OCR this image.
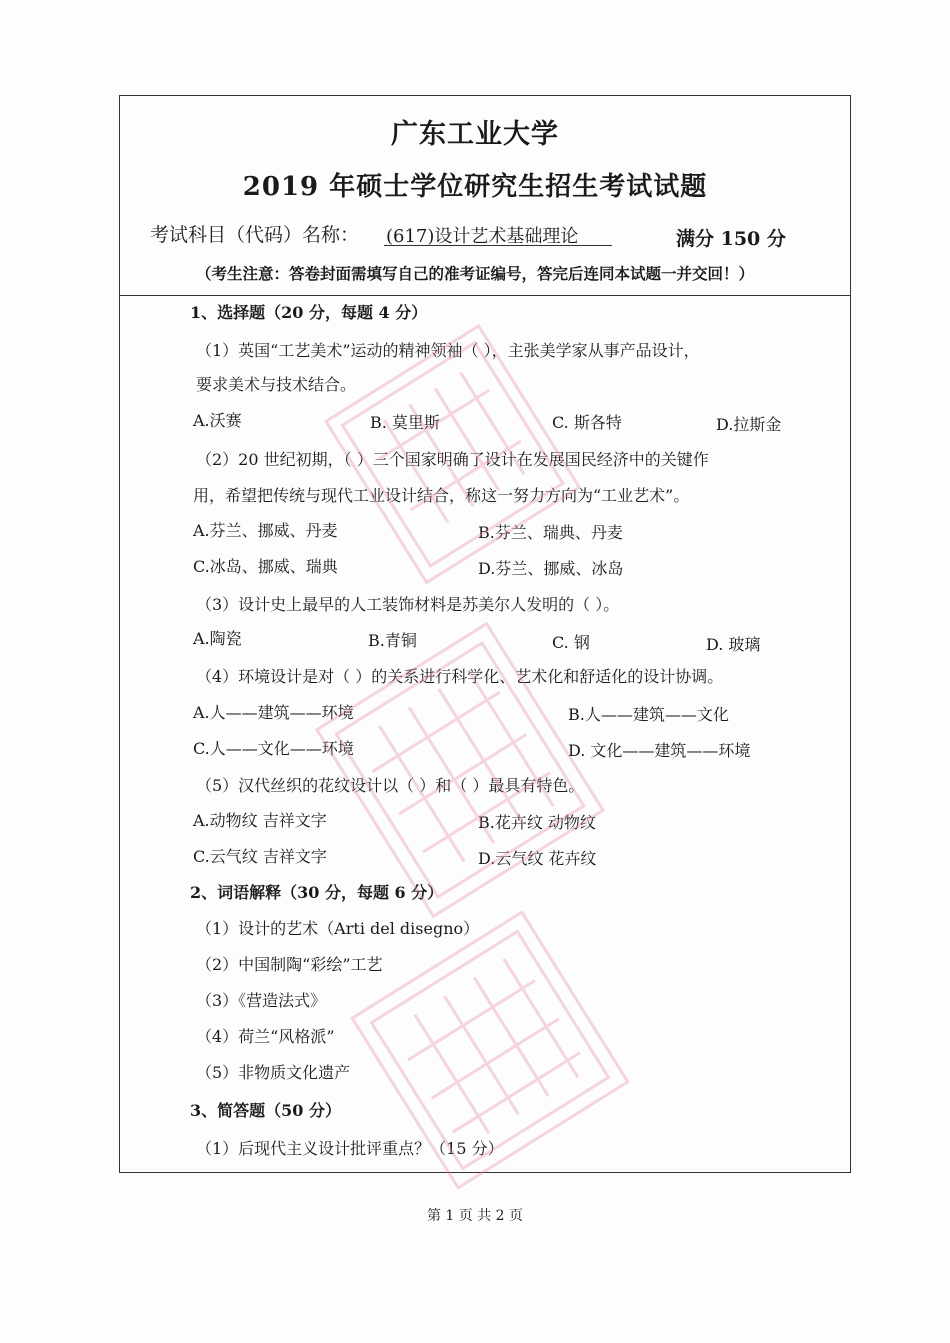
广东工业大学
2019 年硕士学位研究生招生考试试题
考试科目（代码）名称： (617)设计艺术基础理论	满分 150 分
（考生注意：答卷封面需填写自己的准考证编号，答完后连同本试题一并交回！）
1、选择题（20 分，每题 4 分）
（1）英国“工艺美术”运动的精神领袖（ ），主张美学家从事产品设计，
要求美术与技术结合。
A.沃赛	B. 莫里斯	C. 斯各特	D.拉斯金
（2）20 世纪初期，（ ）三个国家明确了设计在发展国民经济中的关键作
用，希望把传统与现代工业设计结合，称这一努力方向为“工业艺术”。
A.芬兰、挪威、丹麦	B.芬兰、瑞典、丹麦
C.冰岛、挪威、瑞典	D.芬兰、挪威、冰岛
（3）设计史上最早的人工装饰材料是苏美尔人发明的（ ）。
A.陶瓷	B.青铜	C. 钢	D. 玻璃
（4）环境设计是对（ ）的关系进行科学化、艺术化和舒适化的设计协调。
A.人——建筑——环境	B.人——建筑——文化
C.人——文化——环境	D. 文化——建筑——环境
（5）汉代丝织的花纹设计以（ ）和（ ）最具有特色。
A.动物纹 吉祥文字	B.花卉纹 动物纹
C.云气纹 吉祥文字	D.云气纹 花卉纹
2、词语解释（30 分，每题 6 分）
（1）设计的艺术（Arti del disegno）
（2）中国制陶“彩绘”工艺
（3）《营造法式》
（4）荷兰“风格派”
（5）非物质文化遗产
3、简答题（50 分）
（1）后现代主义设计批评重点？（15 分）
第 1 页 共 2 页
